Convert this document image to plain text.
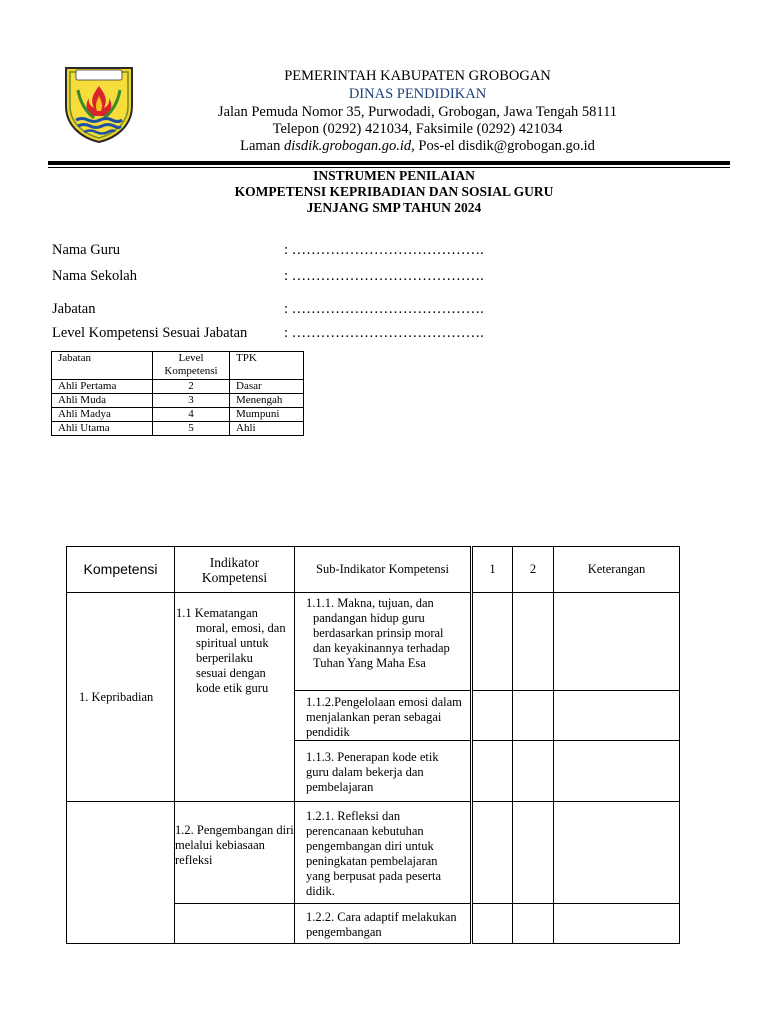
PEMERINTAH KABUPATEN GROBOGAN
DINAS PENDIDIKAN
Jalan Pemuda Nomor 35, Purwodadi, Grobogan, Jawa Tengah 58111
Telepon (0292) 421034, Faksimile (0292) 421034
Laman disdik.grobogan.go.id, Pos-el disdik@grobogan.go.id
INSTRUMEN PENILAIAN
KOMPETENSI KEPRIBADIAN DAN SOSIAL GURU
JENJANG SMP TAHUN 2024
Nama Guru	: ………………………………….
Nama Sekolah	: ………………………………….
Jabatan	: ………………………………….
Level Kompetensi Sesuai Jabatan	: ………………………………….
Jabatan	Level Kompetensi	TPK
Ahli Pertama	2	Dasar
Ahli Muda	3	Menengah
Ahli Madya	4	Mumpuni
Ahli Utama	5	Ahli
Kompetensi	Indikator Kompetensi	Sub-Indikator Kompetensi	1	2	Keterangan
1. Kepribadian	1.1 Kematangan moral, emosi, dan spiritual untuk berperilaku sesuai dengan kode etik guru	1.1.1. Makna, tujuan, dan pandangan hidup guru berdasarkan prinsip moral dan keyakinannya terhadap Tuhan Yang Maha Esa			

		1.1.2.Pengelolaan emosi dalam menjalankan peran sebagai pendidik			

		1.1.3. Penerapan kode etik guru dalam bekerja dan pembelajaran			

	1.2. Pengembangan diri melalui kebiasaan refleksi	1.2.1. Refleksi dan perencanaan kebutuhan pengembangan diri untuk peningkatan pembelajaran yang berpusat pada peserta didik.			

		1.2.2. Cara adaptif melakukan pengembangan			
